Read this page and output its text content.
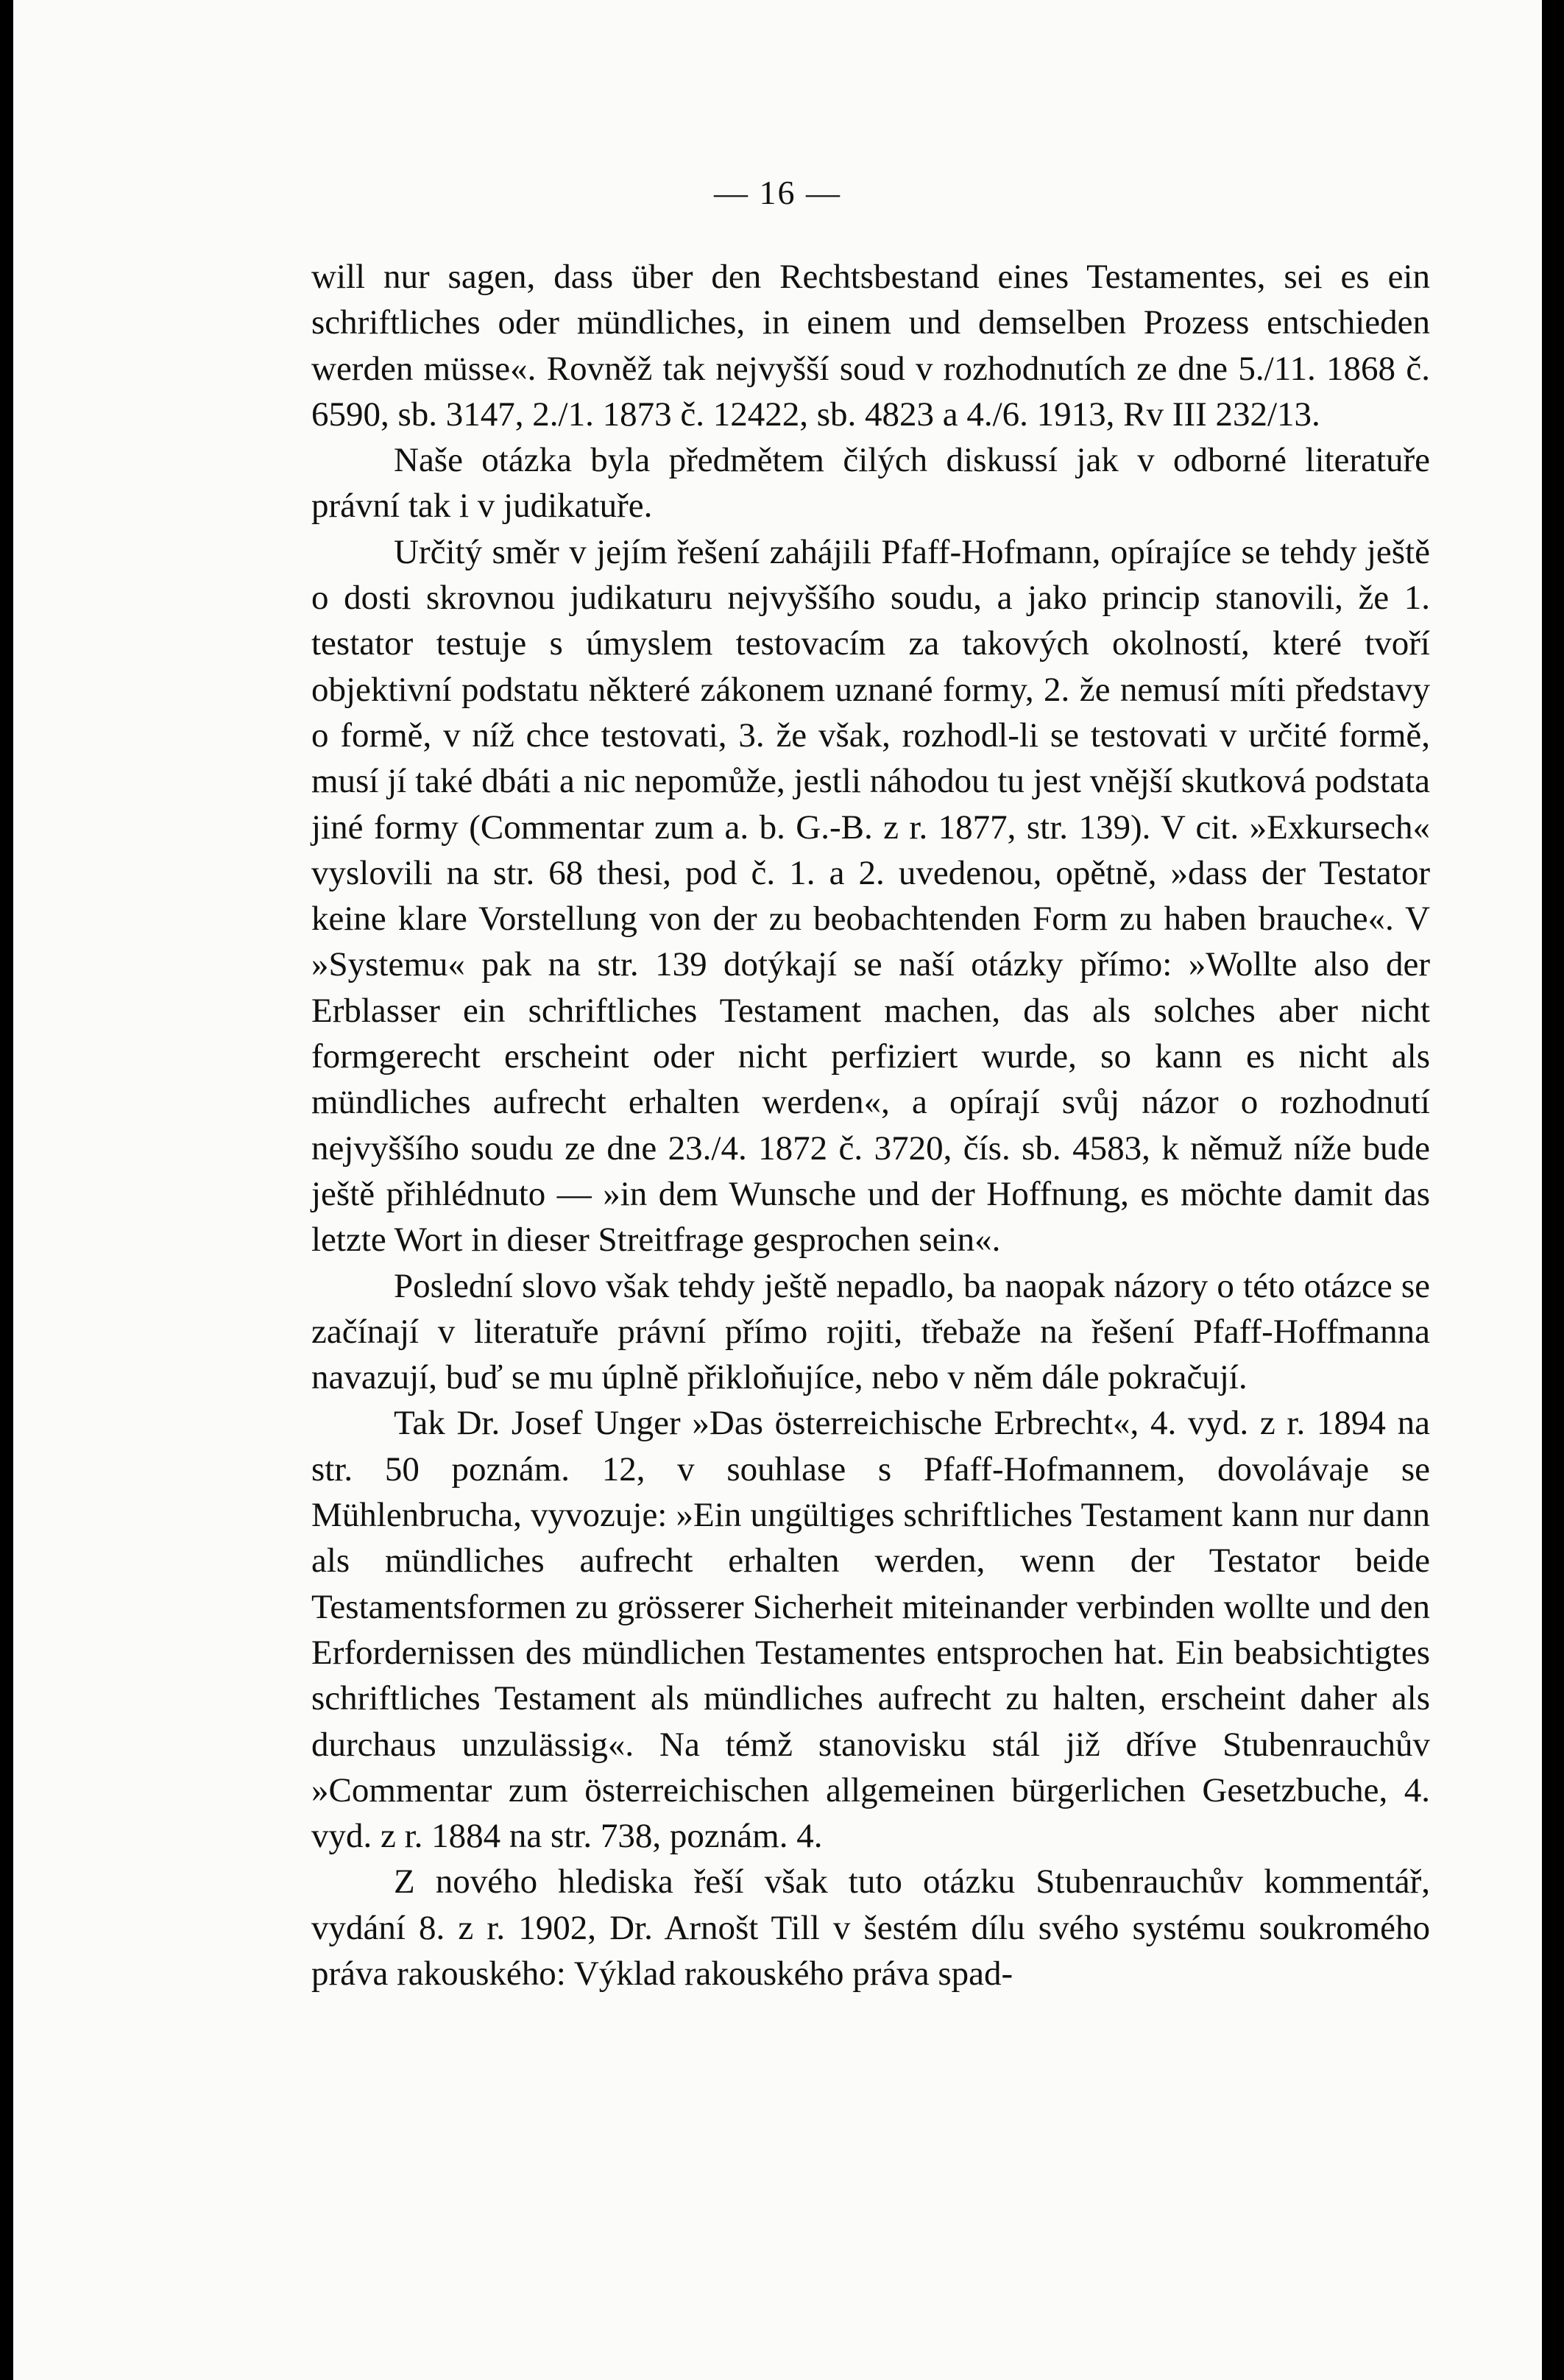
— 16 —

will nur sagen, dass über den Rechtsbestand eines Testamentes, sei es ein schriftliches oder mündliches, in einem und demselben Prozess entschieden werden müsse«. Rovněž tak nejvyšší soud v rozhodnutích ze dne 5./11. 1868 č. 6590, sb. 3147, 2./1. 1873 č. 12422, sb. 4823 a 4./6. 1913, Rv III 232/13.

Naše otázka byla předmětem čilých diskussí jak v odborné literatuře právní tak i v judikatuře.

Určitý směr v jejím řešení zahájili Pfaff-Hofmann, opírajíce se tehdy ještě o dosti skrovnou judikaturu nejvyššího soudu, a jako princip stanovili, že 1. testator testuje s úmyslem testovacím za takových okolností, které tvoří objektivní podstatu některé zákonem uznané formy, 2. že nemusí míti představy o formě, v níž chce testovati, 3. že však, rozhodl-li se testovati v určité formě, musí jí také dbáti a nic nepomůže, jestli náhodou tu jest vnější skutková podstata jiné formy (Commentar zum a. b. G.-B. z r. 1877, str. 139). V cit. »Exkursech« vyslovili na str. 68 thesi, pod č. 1. a 2. uvedenou, opětně, »dass der Testator keine klare Vorstellung von der zu beobachtenden Form zu haben brauche«. V »Systemu« pak na str. 139 dotýkají se naší otázky přímo: »Wollte also der Erblasser ein schriftliches Testament machen, das als solches aber nicht formgerecht erscheint oder nicht perfiziert wurde, so kann es nicht als mündliches aufrecht erhalten werden«, a opírají svůj názor o rozhodnutí nejvyššího soudu ze dne 23./4. 1872 č. 3720, čís. sb. 4583, k němuž níže bude ještě přihlédnuto — »in dem Wunsche und der Hoffnung, es möchte damit das letzte Wort in dieser Streitfrage gesprochen sein«.

Poslední slovo však tehdy ještě nepadlo, ba naopak názory o této otázce se začínají v literatuře právní přímo rojiti, třebaže na řešení Pfaff-Hoffmanna navazují, buď se mu úplně přikloňujíce, nebo v něm dále pokračují.

Tak Dr. Josef Unger »Das österreichische Erbrecht«, 4. vyd. z r. 1894 na str. 50 poznám. 12, v souhlase s Pfaff-Hofmannem, dovolávaje se Mühlenbrucha, vyvozuje: »Ein ungültiges schriftliches Testament kann nur dann als mündliches aufrecht erhalten werden, wenn der Testator beide Testamentsformen zu grösserer Sicherheit miteinander verbinden wollte und den Erfordernissen des mündlichen Testamentes entsprochen hat. Ein beabsichtigtes schriftliches Testament als mündliches aufrecht zu halten, erscheint daher als durchaus unzulässig«. Na témž stanovisku stál již dříve Stubenrauchův »Commentar zum österreichischen allgemeinen bürgerlichen Gesetzbuche, 4. vyd. z r. 1884 na str. 738, poznám. 4.

Z nového hlediska řeší však tuto otázku Stubenrauchův kommentář, vydání 8. z r. 1902, Dr. Arnošt Till v šestém dílu svého systému soukromého práva rakouského: Výklad rakouského práva spad-
